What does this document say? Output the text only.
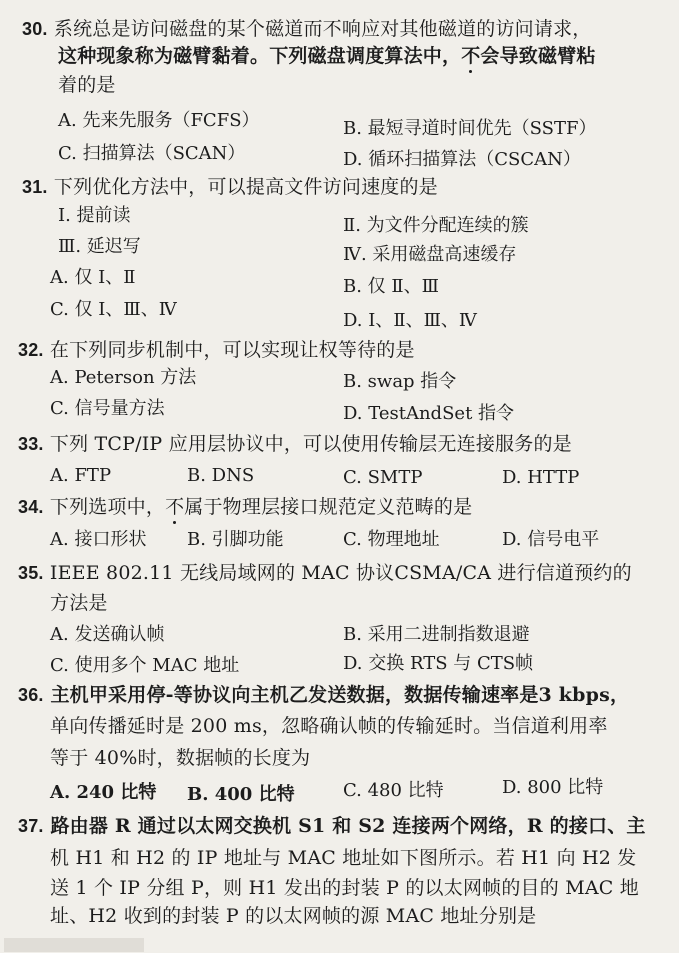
30. 系统总是访问磁盘的某个磁道而不响应对其他磁道的访问请求，
这种现象称为磁臂黏着。下列磁盘调度算法中，不会导致磁臂粘
着的是
A. 先来先服务（FCFS）	B. 最短寻道时间优先（SSTF）
C. 扫描算法（SCAN）	D. 循环扫描算法（CSCAN）
31. 下列优化方法中，可以提高文件访问速度的是
Ⅰ. 提前读	Ⅱ. 为文件分配连续的簇
Ⅲ. 延迟写	Ⅳ. 采用磁盘高速缓存
A. 仅 Ⅰ、Ⅱ	B. 仅 Ⅱ、Ⅲ
C. 仅 Ⅰ、Ⅲ、Ⅳ
D. Ⅰ、Ⅱ、Ⅲ、Ⅳ
32. 在下列同步机制中，可以实现让权等待的是
A. Peterson 方法	B. swap 指令
C. 信号量方法	D. TestAndSet 指令
33. 下列 TCP/IP 应用层协议中，可以使用传输层无连接服务的是
A. FTP	B. DNS	C. SMTP	D. HTTP
34. 下列选项中，不属于物理层接口规范定义范畴的是
A. 接口形状 B. 引脚功能	C. 物理地址	D. 信号电平
35. IEEE 802.11 无线局域网的 MAC 协议CSMA/CA 进行信道预约的
方法是
A. 发送确认帧	B. 采用二进制指数退避
C. 使用多个 MAC 地址	D. 交换 RTS 与 CTS帧
36. 主机甲采用停-等协议向主机乙发送数据，数据传输速率是3 kbps，
单向传播延时是 200 ms，忽略确认帧的传输延时。当信道利用率
等于 40%时，数据帧的长度为
A. 240 比特 B. 400 比特	C. 480 比特	D. 800 比特
37. 路由器 R 通过以太网交换机 S1 和 S2 连接两个网络，R 的接口、主
机 H1 和 H2 的 IP 地址与 MAC 地址如下图所示。若 H1 向 H2 发
送 1 个 IP 分组 P，则 H1 发出的封装 P 的以太网帧的目的 MAC 地
址、H2 收到的封装 P 的以太网帧的源 MAC 地址分别是
